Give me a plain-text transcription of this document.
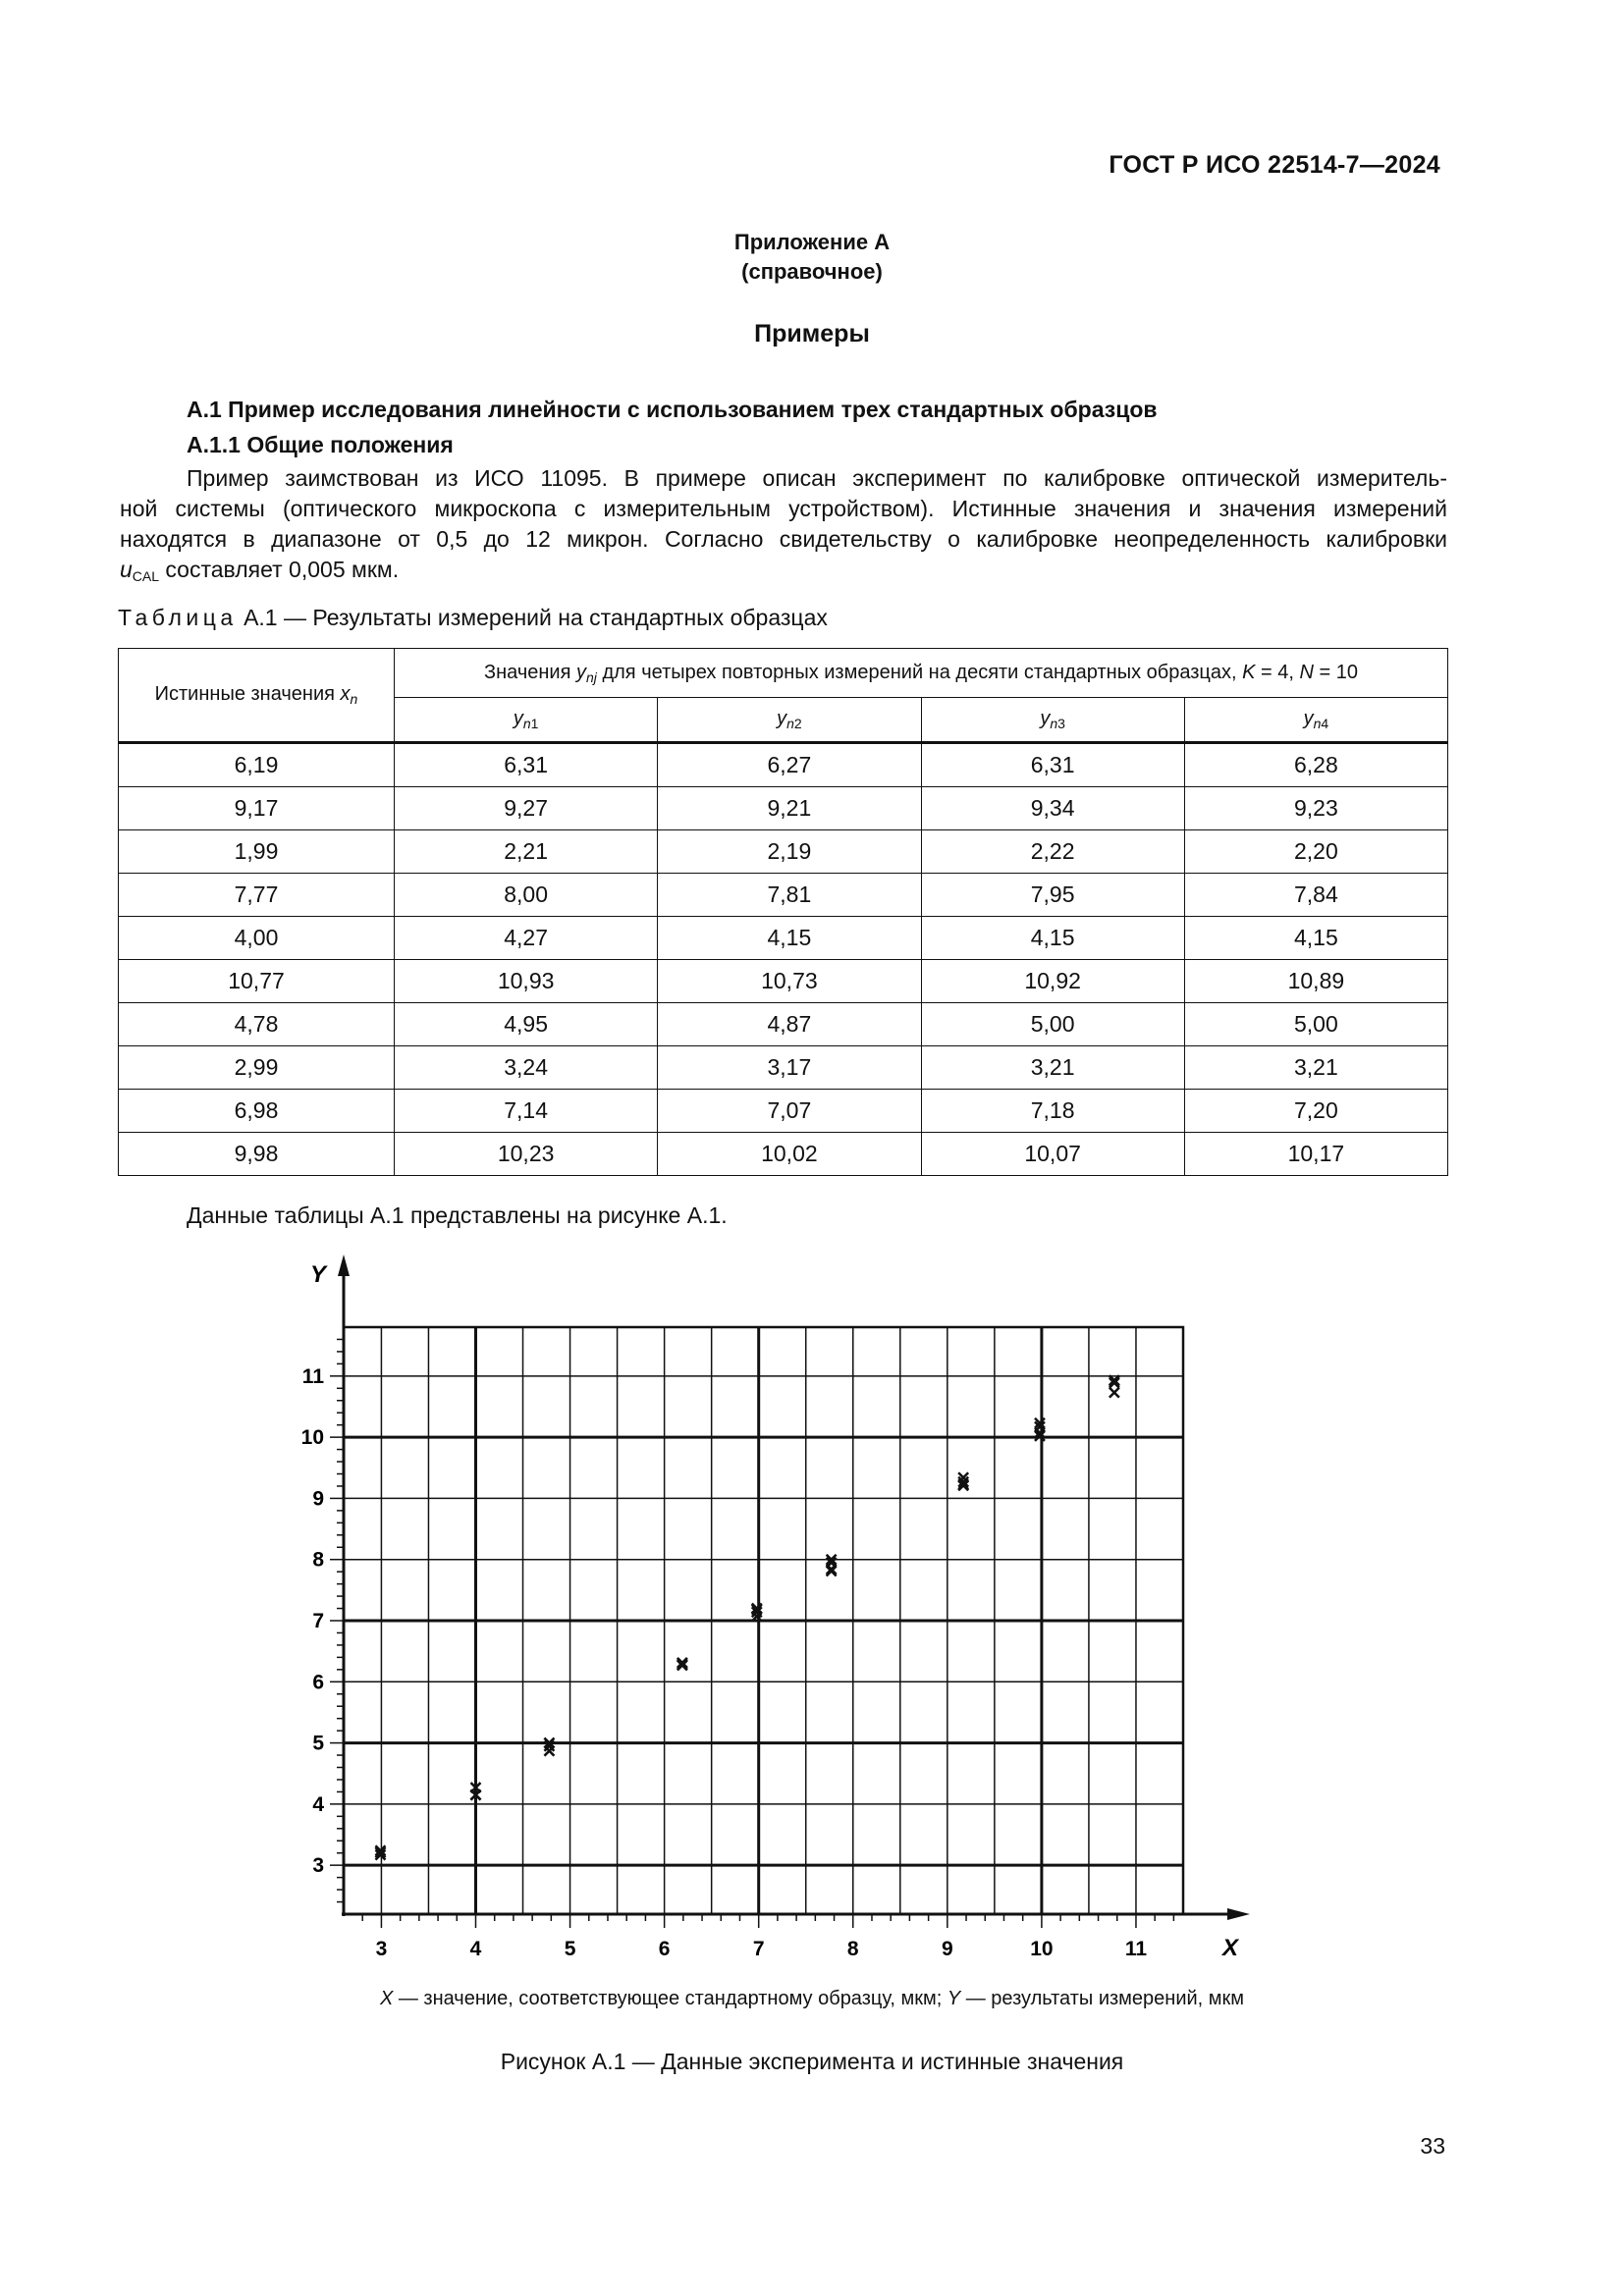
ГОСТ Р ИСО 22514-7—2024
Приложение А
(справочное)
Примеры
А.1 Пример исследования линейности с использованием трех стандартных образцов
А.1.1 Общие положения
Пример заимствован из ИСО 11095. В примере описан эксперимент по калибровке оптической измеритель-
ной системы (оптического микроскопа с измерительным устройством). Истинные значения и значения измерений
находятся в диапазоне от 0,5 до 12 микрон. Согласно свидетельству о калибровке неопределенность калибровки
$u_{CAL}$ составляет 0,005 мкм.
Таблица А.1 — Результаты измерений на стандартных образцах
Истинные значения $x_n$	Значения $y_{nj}$ для четырех повторных измерений на десяти стандартных образцах, K = 4, N = 10			
	$y_{n1}$	$y_{n2}$	$y_{n3}$	$y_{n4}$
6,19	6,31	6,27	6,31	6,28
9,17	9,27	9,21	9,34	9,23
1,99	2,21	2,19	2,22	2,20
7,77	8,00	7,81	7,95	7,84
4,00	4,27	4,15	4,15	4,15
10,77	10,93	10,73	10,92	10,89
4,78	4,95	4,87	5,00	5,00
2,99	3,24	3,17	3,21	3,21
6,98	7,14	7,07	7,18	7,20
9,98	10,23	10,02	10,07	10,17
Данные таблицы А.1 представлены на рисунке А.1.
3	4	5	6	7	8	9	10	11
3
4
5
6
7
8
9
10
11
X
Y
X — значение, соответствующее стандартному образцу, мкм; Y — результаты измерений, мкм
Рисунок А.1 — Данные эксперимента и истинные значения
33
